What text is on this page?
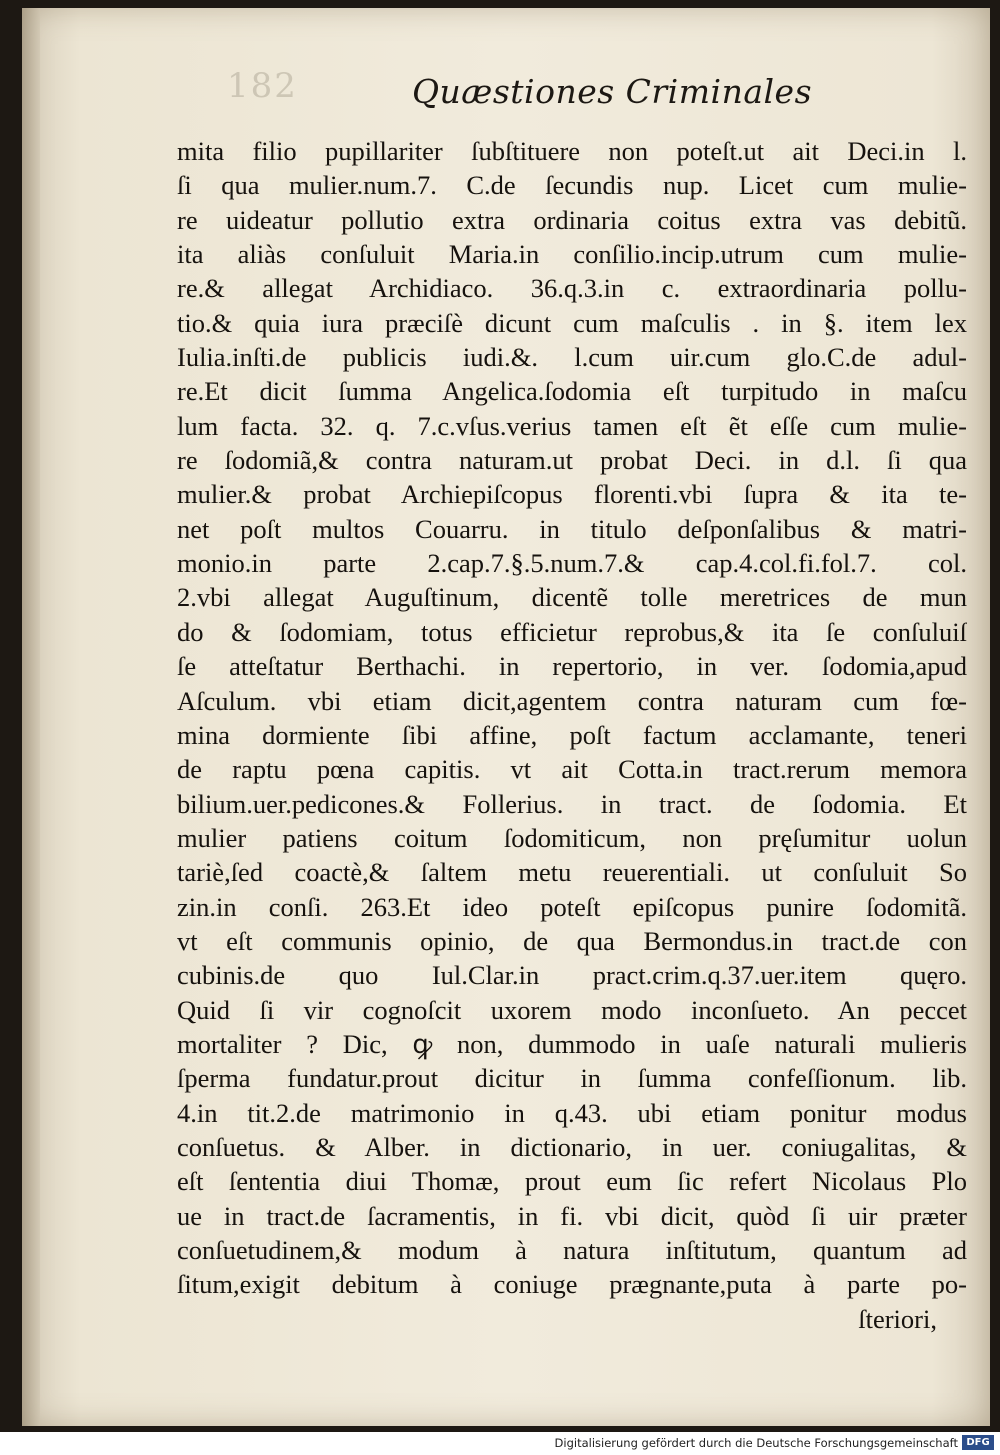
182	Quæstiones Criminales
mita filio pupillariter ſubſtituere non poteſt.ut ait Deci.in l.
ſi qua mulier.num.7. C.de ſecundis nup. Licet cum mulie-
re uideatur pollutio extra ordinaria coitus extra vas debitũ.
ita aliàs conſuluit Maria.in conſilio.incip.utrum cum mulie-
re.& allegat Archidiaco. 36.q.3.in c. extraordinaria pollu-
tio.& quia iura præciſè dicunt cum maſculis . in §. item lex
Iulia.inſti.de publicis iudi.&. l.cum uir.cum glo.C.de adul-
re.Et dicit ſumma Angelica.ſodomia eſt turpitudo in maſcu
lum facta. 32. q. 7.c.vſus.verius tamen eſt ẽt eſſe cum mulie-
re ſodomiã,& contra naturam.ut probat Deci. in d.l. ſi qua
mulier.& probat Archiepiſcopus florenti.vbi ſupra & ita te-
net poſt multos Couarru. in titulo deſponſalibus & matri-
monio.in parte 2.cap.7.§.5.num.7.& cap.4.col.fi.fol.7. col.
2.vbi allegat Auguſtinum, dicentẽ tolle meretrices de mun
do & ſodomiam, totus efficietur reprobus,& ita ſe conſuluiſ
ſe atteſtatur Berthachi. in repertorio, in ver. ſodomia,apud
Aſculum. vbi etiam dicit,agentem contra naturam cum fœ-
mina dormiente ſibi affine, poſt factum acclamante, teneri
de raptu pœna capitis. vt ait Cotta.in tract.rerum memora
bilium.uer.pedicones.& Follerius. in tract. de ſodomia. Et
mulier patiens coitum ſodomiticum, non pręſumitur uolun
tariè,ſed coactè,& ſaltem metu reuerentiali. ut conſuluit So
zin.in conſi. 263.Et ideo poteſt epiſcopus punire ſodomitã.
vt eſt communis opinio, de qua Bermondus.in tract.de con
cubinis.de quo Iul.Clar.in pract.crim.q.37.uer.item quęro.
Quid ſi vir cognoſcit uxorem modo inconſueto. An peccet
mortaliter ? Dic, ꝙ non, dummodo in uaſe naturali mulieris
ſperma fundatur.prout dicitur in ſumma confeſſionum. lib.
4.in tit.2.de matrimonio in q.43. ubi etiam ponitur modus
conſuetus. & Alber. in dictionario, in uer. coniugalitas, &
eſt ſententia diui Thomæ, prout eum ſic refert Nicolaus Plo
ue in tract.de ſacramentis, in fi. vbi dicit, quòd ſi uir præter
conſuetudinem,& modum à natura inſtitutum, quantum ad
ſitum,exigit debitum à coniuge prægnante,puta à parte po-
ſteriori,
Digitalisierung gefördert durch die Deutsche Forschungsgemeinschaft DFG
